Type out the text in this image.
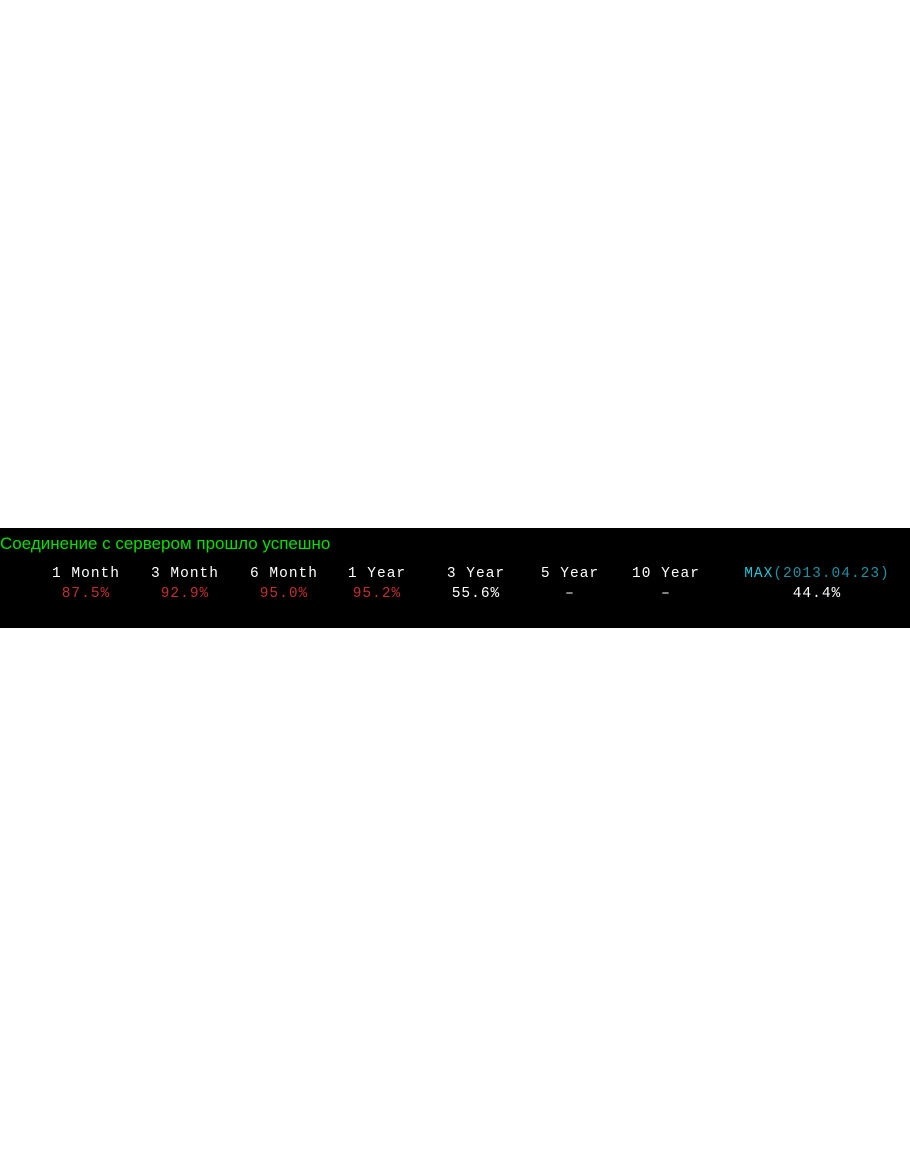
Соединение с сервером прошло успешно
1 Month
87.5%
3 Month
92.9%
6 Month
95.0%
1 Year
95.2%
3 Year
55.6%
5 Year
–
10 Year
–
MAX(2013.04.23)
44.4%
